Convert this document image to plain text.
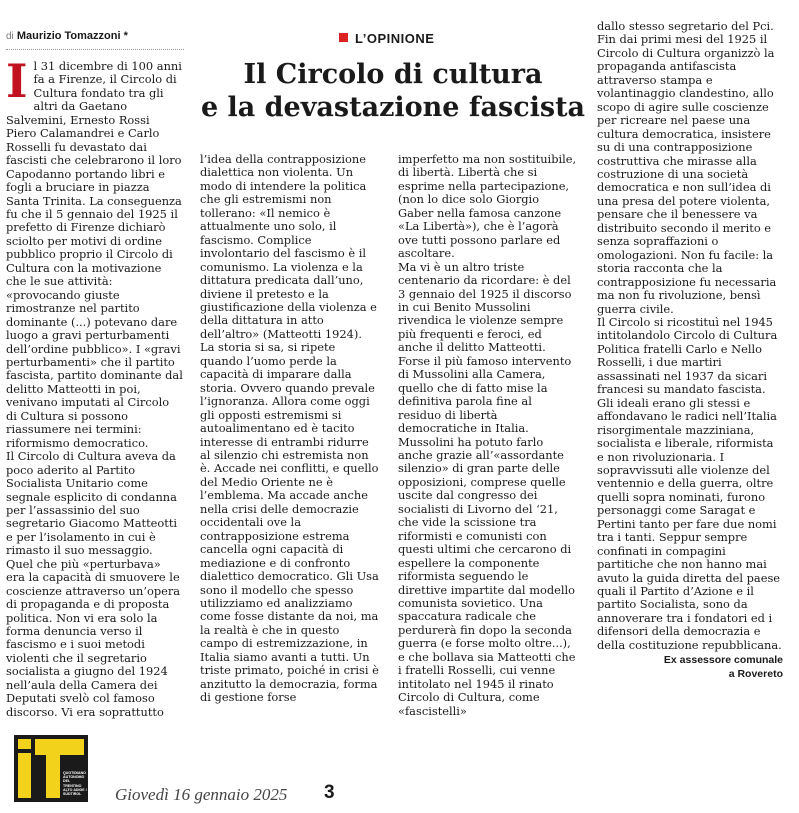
di Maurizio Tomazzoni *	L’OPINIONE
Il Circolo di cultura
e la devastazione fascista

Il 31 dicembre di 100 anni fa a Firenze, il Circolo di Cultura fondato tra gli altri da Gaetano Salvemini, Ernesto Rossi Piero Calamandrei e Carlo Rosselli fu devastato dai fascisti che celebrarono il loro Capodanno portando libri e fogli a bruciare in piazza Santa Trinita. La conseguenza fu che il 5 gennaio del 1925 il prefetto di Firenze dichiarò sciolto per motivi di ordine pubblico proprio il Circolo di Cultura con la motivazione che le sue attività: «provocando giuste rimostranze nel partito dominante (...) potevano dare luogo a gravi perturbamenti dell’ordine pubblico». I «gravi perturbamenti» che il partito fascista, partito dominante dal delitto Matteotti in poi, venivano imputati al Circolo di Cultura si possono riassumere nei termini: riformismo democratico.

Il Circolo di Cultura aveva da poco aderito al Partito Socialista Unitario come segnale esplicito di condanna per l’assassinio del suo segretario Giacomo Matteotti e per l’isolamento in cui è rimasto il suo messaggio. Quel che più «perturbava» era la capacità di smuovere le coscienze attraverso un’opera di propaganda e di proposta politica. Non vi era solo la forma denuncia verso il fascismo e i suoi metodi violenti che il segretario socialista a giugno del 1924 nell’aula della Camera dei Deputati svelò col famoso discorso. Vi era soprattutto

l’idea della contrapposizione dialettica non violenta. Un modo di intendere la politica che gli estremismi non tollerano: «Il nemico è attualmente uno solo, il fascismo. Complice involontario del fascismo è il comunismo. La violenza e la dittatura predicata dall’uno, diviene il pretesto e la giustificazione della violenza e della dittatura in atto dell’altro» (Matteotti 1924).

La storia si sa, si ripete quando l’uomo perde la capacità di imparare dalla storia. Ovvero quando prevale l’ignoranza. Allora come oggi gli opposti estremismi si autoalimentano ed è tacito interesse di entrambi ridurre al silenzio chi estremista non è. Accade nei conflitti, e quello del Medio Oriente ne è l’emblema. Ma accade anche nella crisi delle democrazie occidentali ove la contrapposizione estrema cancella ogni capacità di mediazione e di confronto dialettico democratico. Gli Usa sono il modello che spesso utilizziamo ed analizziamo come fosse distante da noi, ma la realtà è che in questo campo di estremizzazione, in Italia siamo avanti a tutti. Un triste primato, poiché in crisi è anzitutto la democrazia, forma di gestione forse

imperfetto ma non sostituibile, di libertà. Libertà che si esprime nella partecipazione, (non lo dice solo Giorgio Gaber nella famosa canzone «La Libertà»), che è l’agorà ove tutti possono parlare ed ascoltare.

Ma vi è un altro triste centenario da ricordare: è del 3 gennaio del 1925 il discorso in cui Benito Mussolini rivendica le violenze sempre più frequenti e feroci, ed anche il delitto Matteotti. Forse il più famoso intervento di Mussolini alla Camera, quello che di fatto mise la definitiva parola fine al residuo di libertà democratiche in Italia. Mussolini ha potuto farlo anche grazie all’«assordante silenzio» di gran parte delle opposizioni, comprese quelle uscite dal congresso dei socialisti di Livorno del ‘21, che vide la scissione tra riformisti e comunisti con questi ultimi che cercarono di espellere la componente riformista seguendo le direttive impartite dal modello comunista sovietico. Una spaccatura radicale che perdurerà fin dopo la seconda guerra (e forse molto oltre...), e che bollava sia Matteotti che i fratelli Rosselli, cui venne intitolato nel 1945 il rinato Circolo di Cultura, come «fascistelli»

dallo stesso segretario del Pci. Fin dai primi mesi del 1925 il Circolo di Cultura organizzò la propaganda antifascista attraverso stampa e volantinaggio clandestino, allo scopo di agire sulle coscienze per ricreare nel paese una cultura democratica, insistere su di una contrapposizione costruttiva che mirasse alla costruzione di una società democratica e non sull’idea di una presa del potere violenta, pensare che il benessere va distribuito secondo il merito e senza sopraffazioni o omologazioni. Non fu facile: la storia racconta che la contrapposizione fu necessaria ma non fu rivoluzione, bensì guerra civile.

Il Circolo si ricostituì nel 1945 intitolandolo Circolo di Cultura Politica fratelli Carlo e Nello Rosselli, i due martiri assassinati nel 1937 da sicari francesi su mandato fascista. Gli ideali erano gli stessi e affondavano le radici nell’Italia risorgimentale mazziniana, socialista e liberale, riformista e non rivoluzionaria. I sopravvissuti alle violenze del ventennio e della guerra, oltre quelli sopra nominati, furono personaggi come Saragat e Pertini tanto per fare due nomi tra i tanti. Seppur sempre confinati in compagini partitiche che non hanno mai avuto la guida diretta del paese quali il Partito d’Azione e il partito Socialista, sono da annoverare tra i fondatori ed i difensori della democrazia e della costituzione repubblicana.

Ex assessore comunale
a Rovereto
QUOTIDIANO AUTONOMO DEL TRENTINO ALTO ADIGE / SÜDTIROL	Giovedì 16 gennaio 2025 3
